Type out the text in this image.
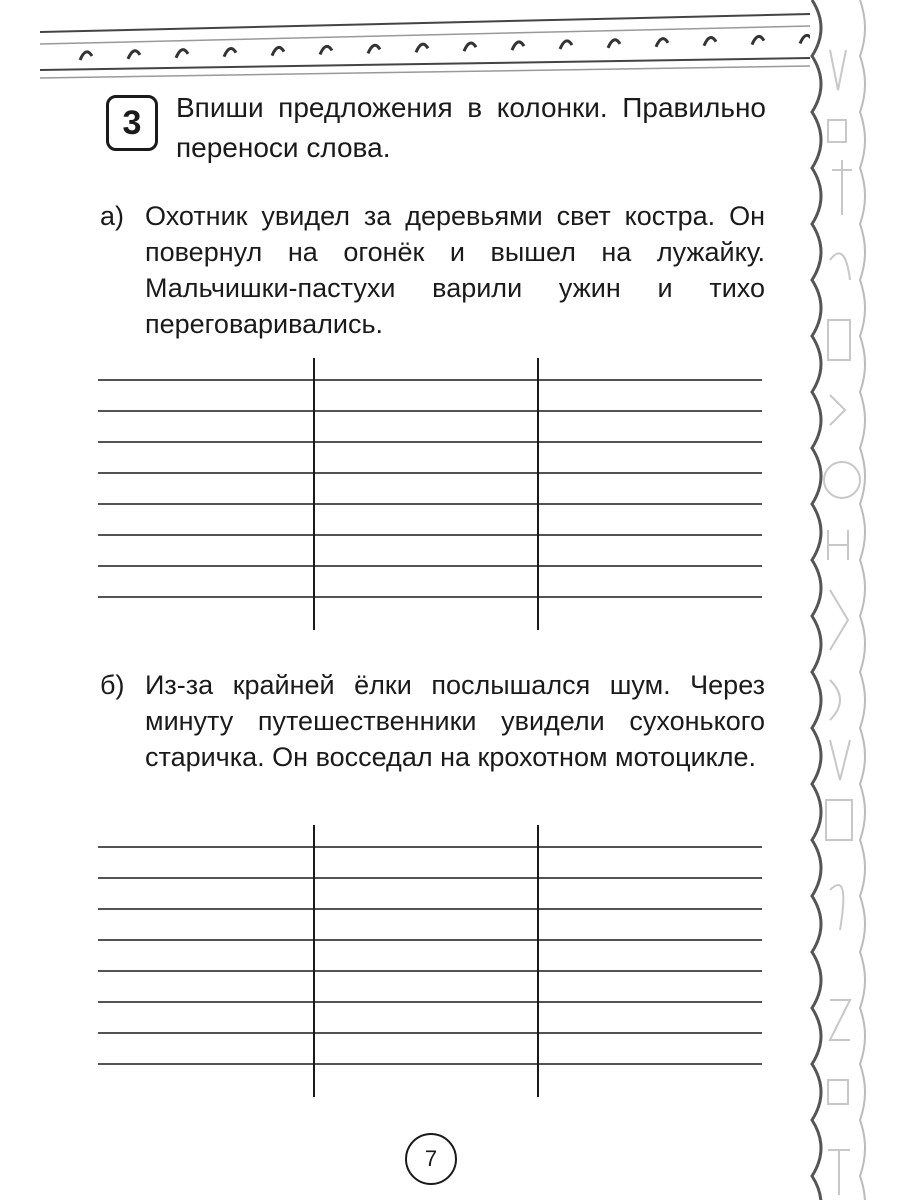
3 Впиши предложения в колонки. Правильно переноси слова.
а) Охотник увидел за деревьями свет костра. Он повернул на огонёк и вышел на лужайку. Мальчишки-пастухи варили ужин и тихо переговаривались.
б) Из-за крайней ёлки послышался шум. Через минуту путешественники увидели сухонького старичка. Он восседал на крохотном мотоцикле.
7
